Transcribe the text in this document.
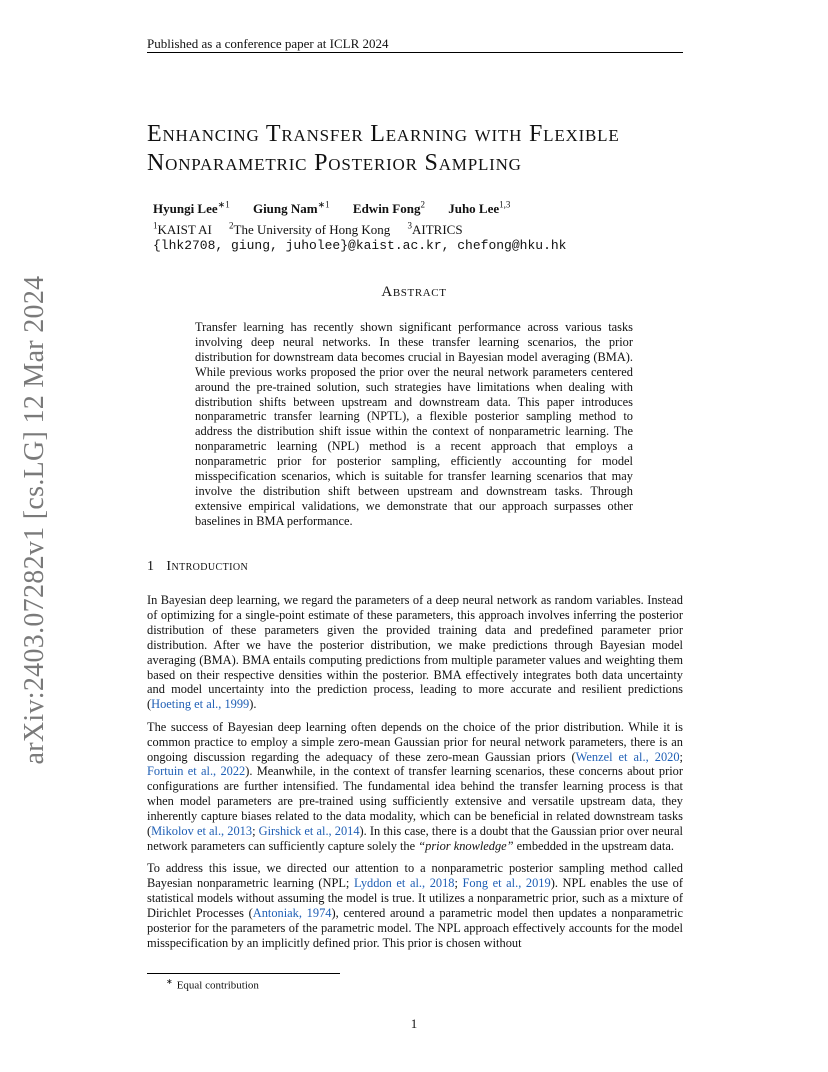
Published as a conference paper at ICLR 2024
arXiv:2403.07282v1 [cs.LG] 12 Mar 2024
Enhancing Transfer Learning with Flexible
Nonparametric Posterior Sampling
Hyungi Lee$^{∗1}$ Giung Nam$^{∗1}$ Edwin Fong$^2$ Juho Lee$^{1,3}$
$^1$KAIST AI $^2$The University of Hong Kong $^3$AITRICS
{lhk2708, giung, juholee}@kaist.ac.kr, chefong@hku.hk
Abstract
Transfer learning has recently shown significant performance across various tasks involving deep neural networks. In these transfer learning scenarios, the prior distribution for downstream data becomes crucial in Bayesian model averaging (BMA). While previous works proposed the prior over the neural network parameters centered around the pre-trained solution, such strategies have limitations when dealing with distribution shifts between upstream and downstream data. This paper introduces nonparametric transfer learning (NPTL), a flexible posterior sampling method to address the distribution shift issue within the context of nonparametric learning. The nonparametric learning (NPL) method is a recent approach that employs a nonparametric prior for posterior sampling, efficiently accounting for model misspecification scenarios, which is suitable for transfer learning scenarios that may involve the distribution shift between upstream and downstream tasks. Through extensive empirical validations, we demonstrate that our approach surpasses other baselines in BMA performance.
1 Introduction

In Bayesian deep learning, we regard the parameters of a deep neural network as random variables. Instead of optimizing for a single-point estimate of these parameters, this approach involves inferring the posterior distribution of these parameters given the provided training data and predefined parameter prior distribution. After we have the posterior distribution, we make predictions through Bayesian model averaging (BMA). BMA entails computing predictions from multiple parameter values and weighting them based on their respective densities within the posterior. BMA effectively integrates both data uncertainty and model uncertainty into the prediction process, leading to more accurate and resilient predictions (Hoeting et al., 1999).

The success of Bayesian deep learning often depends on the choice of the prior distribution. While it is common practice to employ a simple zero-mean Gaussian prior for neural network parameters, there is an ongoing discussion regarding the adequacy of these zero-mean Gaussian priors (Wenzel et al., 2020; Fortuin et al., 2022). Meanwhile, in the context of transfer learning scenarios, these concerns about prior configurations are further intensified. The fundamental idea behind the transfer learning process is that when model parameters are pre-trained using sufficiently extensive and versatile upstream data, they inherently capture biases related to the data modality, which can be beneficial in related downstream tasks (Mikolov et al., 2013; Girshick et al., 2014). In this case, there is a doubt that the Gaussian prior over neural network parameters can sufficiently capture solely the “prior knowledge” embedded in the upstream data.

To address this issue, we directed our attention to a nonparametric posterior sampling method called Bayesian nonparametric learning (NPL; Lyddon et al., 2018; Fong et al., 2019). NPL enables the use of statistical models without assuming the model is true. It utilizes a nonparametric prior, such as a mixture of Dirichlet Processes (Antoniak, 1974), centered around a parametric model then updates a nonparametric posterior for the parameters of the parametric model. The NPL approach effectively accounts for the model misspecification by an implicitly defined prior. This prior is chosen without

∗ Equal contribution
1
